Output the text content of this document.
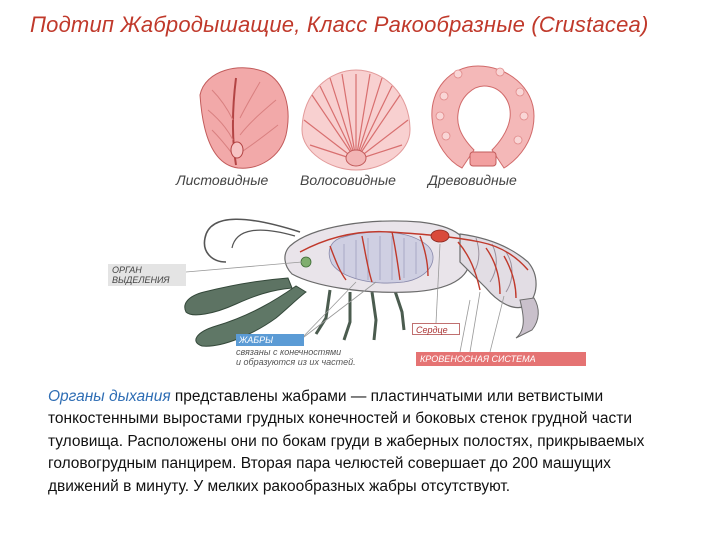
Подтип Жабродышащие, Класс Ракообразные (Crustacea)
Листовидные Волосовидные Древовидные
ОРГАН
ВЫДЕЛЕНИЯ
ЖАБРЫ
связаны с конечностями
и образуются из их частей.
Сердце
КРОВЕНОСНАЯ СИСТЕМА
Органы дыхания представлены жабрами — пластинчатыми или ветвистыми тонкостенными выростами грудных конечностей и боковых стенок грудной части туловища. Расположены они по бокам груди в жаберных полостях, прикрываемых головогрудным панцирем. Вторая пара челюстей совершает до 200 машущих движений в минуту. У мелких ракообразных жабры отсутствуют.
